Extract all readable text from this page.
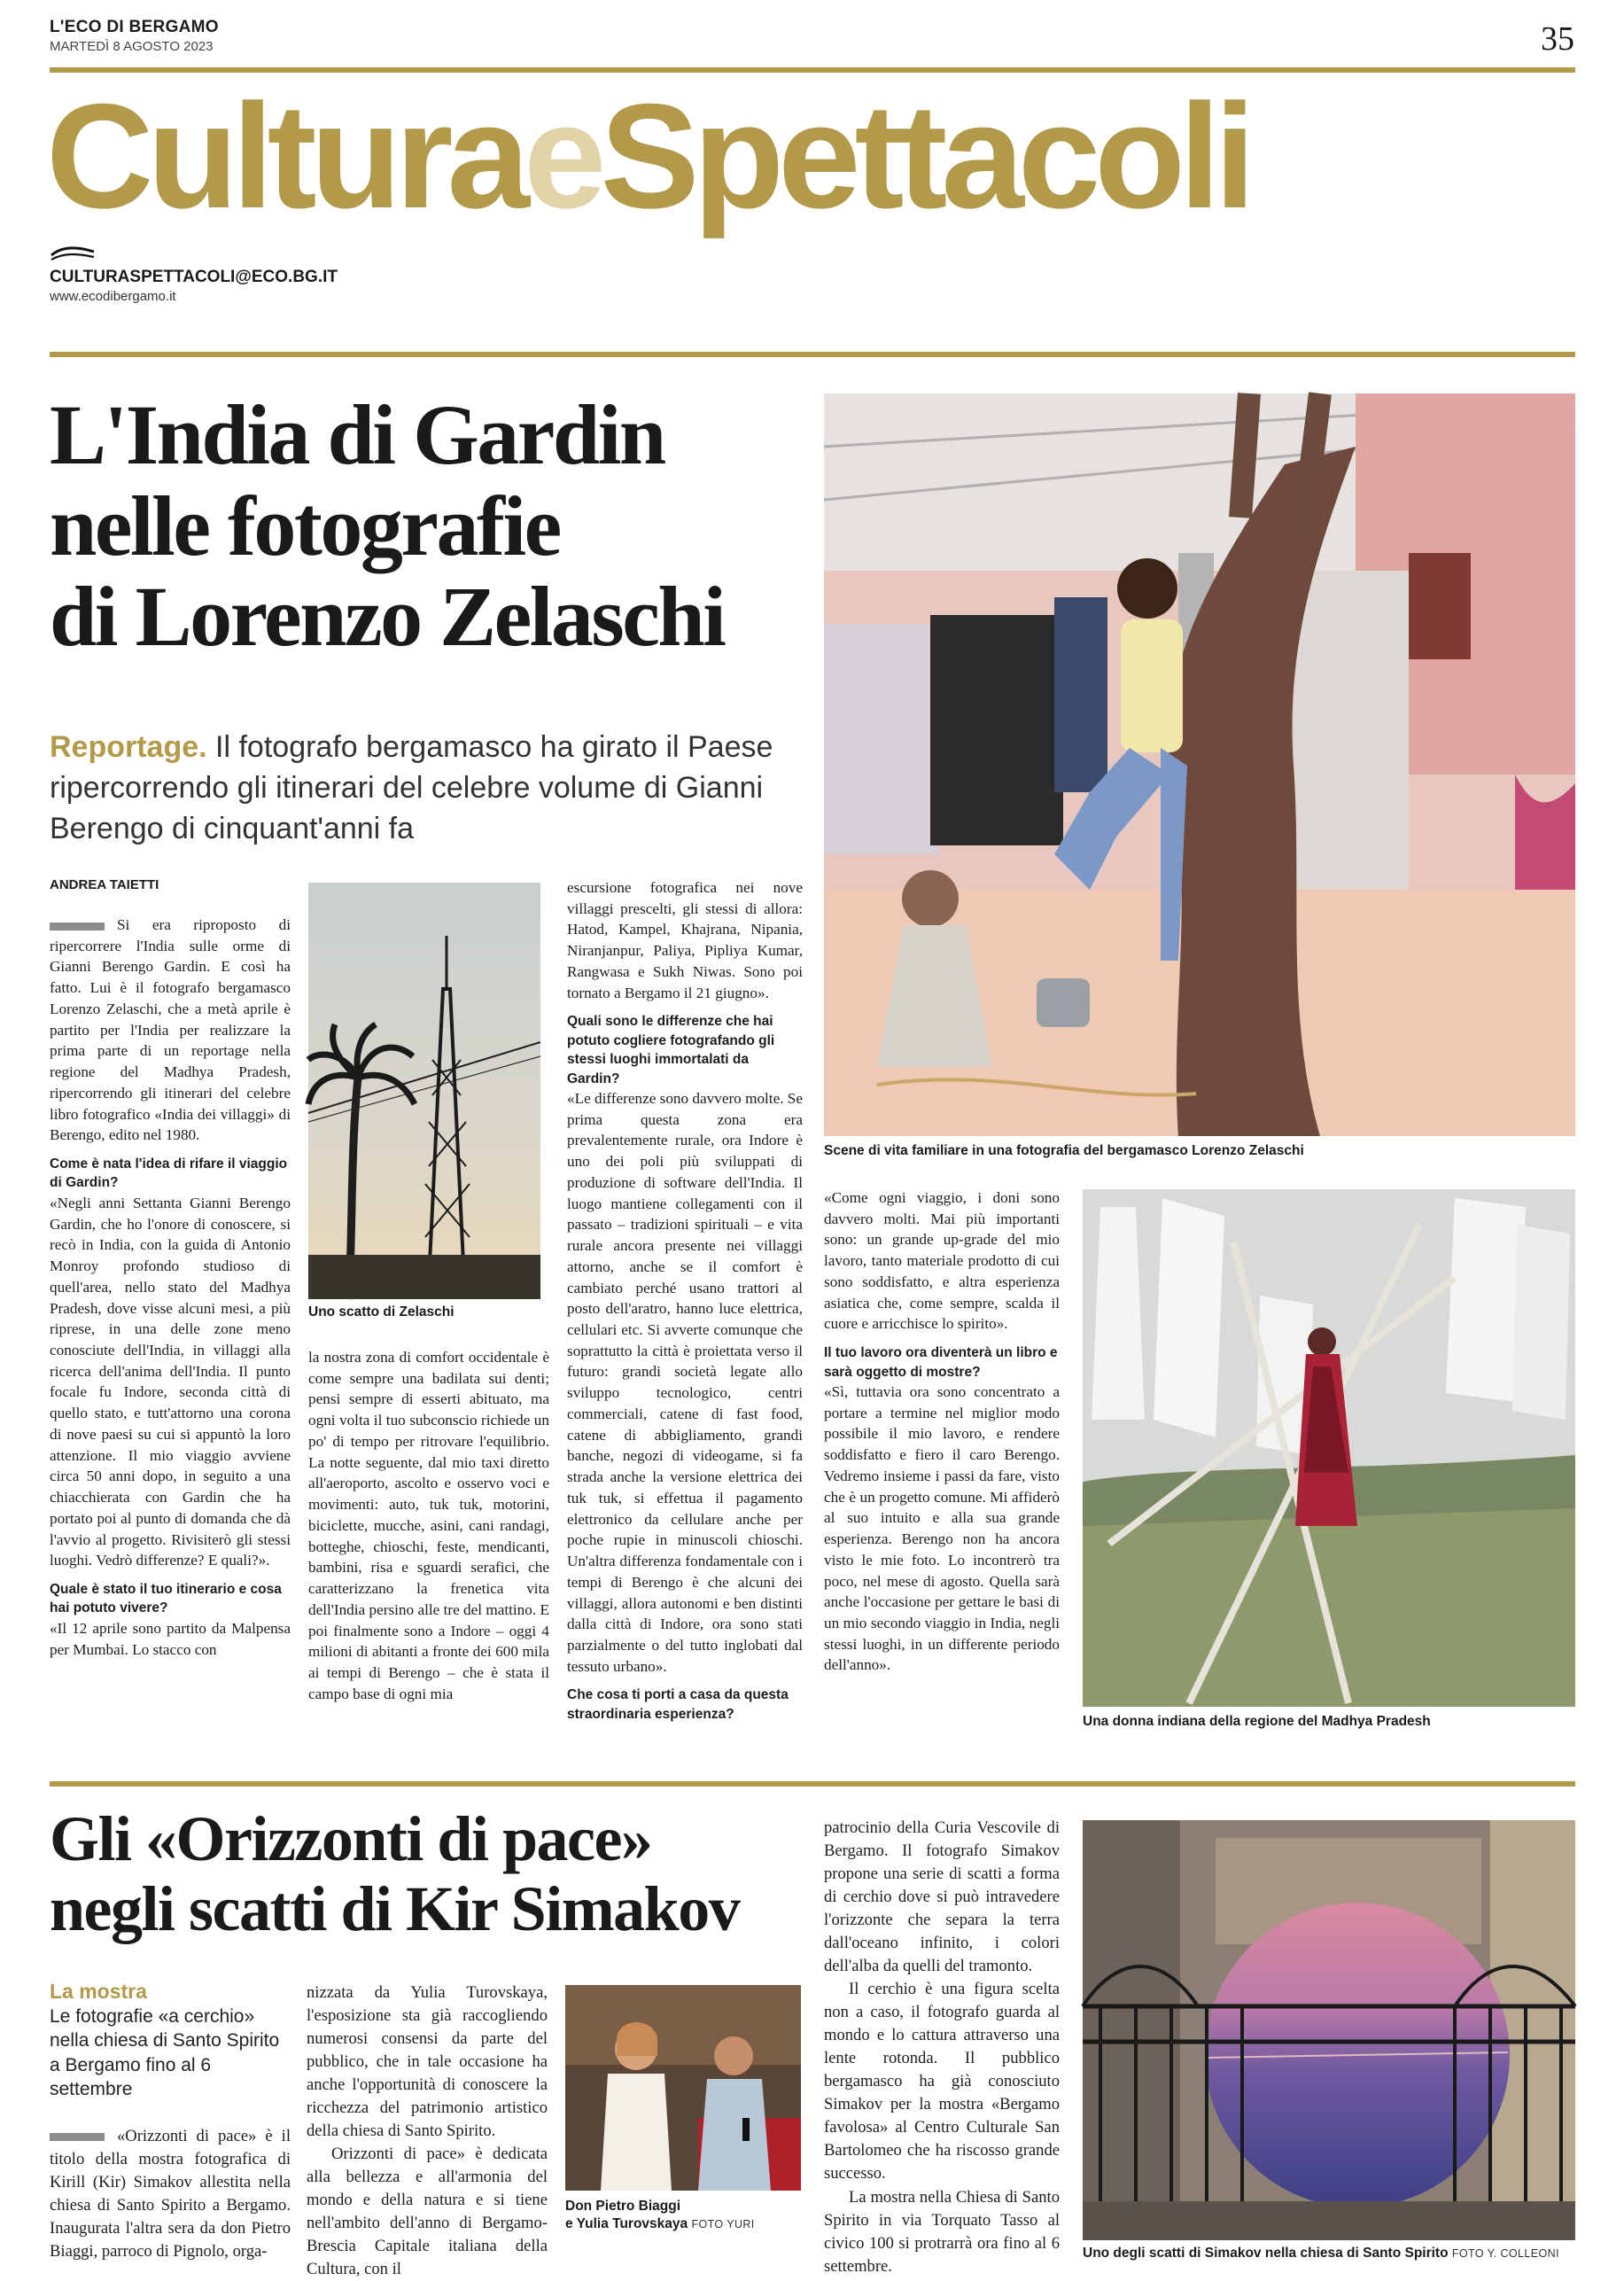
L'ECO DI BERGAMO
MARTEDÌ 8 AGOSTO 2023	35
CulturaeSpettacoli
CULTURASPETTACOLI@ECO.BG.IT
www.ecodibergamo.it
L'India di Gardin
nelle fotografie
di Lorenzo Zelaschi
Reportage. Il fotografo bergamasco ha girato il Paese ripercorrendo gli itinerari del celebre volume di Gianni Berengo di cinquant'anni fa
ANDREA TAIETTI

Si era riproposto di ripercorrere l'India sulle orme di Gianni Berengo Gardin. E così ha fatto. Lui è il fotografo bergamasco Lorenzo Zelaschi, che a metà aprile è partito per l'India per realizzare la prima parte di un reportage nella regione del Madhya Pradesh, ripercorrendo gli itinerari del celebre libro fotografico «India dei villaggi» di Berengo, edito nel 1980.

Come è nata l'idea di rifare il viaggio di Gardin?

«Negli anni Settanta Gianni Berengo Gardin, che ho l'onore di conoscere, si recò in India, con la guida di Antonio Monroy profondo studioso di quell'area, nello stato del Madhya Pradesh, dove visse alcuni mesi, a più riprese, in una delle zone meno conosciute dell'India, in villaggi alla ricerca dell'anima dell'India. Il punto focale fu Indore, seconda città di quello stato, e tutt'attorno una corona di nove paesi su cui si appuntò la loro attenzione. Il mio viaggio avviene circa 50 anni dopo, in seguito a una chiacchierata con Gardin che ha portato poi al punto di domanda che dà l'avvio al progetto. Rivisiterò gli stessi luoghi. Vedrò differenze? E quali?».

Quale è stato il tuo itinerario e cosa hai potuto vivere?

«Il 12 aprile sono partito da Malpensa per Mumbai. Lo stacco con

Uno scatto di Zelaschi

la nostra zona di comfort occidentale è come sempre una badilata sui denti; pensi sempre di esserti abituato, ma ogni volta il tuo subconscio richiede un po' di tempo per ritrovare l'equilibrio. La notte seguente, dal mio taxi diretto all'aeroporto, ascolto e osservo voci e movimenti: auto, tuk tuk, motorini, biciclette, mucche, asini, cani randagi, botteghe, chioschi, feste, mendicanti, bambini, risa e sguardi serafici, che caratterizzano la frenetica vita dell'India persino alle tre del mattino. E poi finalmente sono a Indore – oggi 4 milioni di abitanti a fronte dei 600 mila ai tempi di Berengo – che è stata il campo base di ogni mia

escursione fotografica nei nove villaggi prescelti, gli stessi di allora: Hatod, Kampel, Khajrana, Nipania, Niranjanpur, Paliya, Pipliya Kumar, Rangwasa e Sukh Niwas. Sono poi tornato a Bergamo il 21 giugno».

Quali sono le differenze che hai potuto cogliere fotografando gli stessi luoghi immortalati da Gardin?

«Le differenze sono davvero molte. Se prima questa zona era prevalentemente rurale, ora Indore è uno dei poli più sviluppati di produzione di software dell'India. Il luogo mantiene collegamenti con il passato – tradizioni spirituali – e vita rurale ancora presente nei villaggi attorno, anche se il comfort è cambiato perché usano trattori al posto dell'aratro, hanno luce elettrica, cellulari etc. Si avverte comunque che soprattutto la città è proiettata verso il futuro: grandi società legate allo sviluppo tecnologico, centri commerciali, catene di fast food, catene di abbigliamento, grandi banche, negozi di videogame, si fa strada anche la versione elettrica dei tuk tuk, si effettua il pagamento elettronico da cellulare anche per poche rupie in minuscoli chioschi. Un'altra differenza fondamentale con i tempi di Berengo è che alcuni dei villaggi, allora autonomi e ben distinti dalla città di Indore, ora sono stati parzialmente o del tutto inglobati dal tessuto urbano».

Che cosa ti porti a casa da questa straordinaria esperienza?

Scene di vita familiare in una fotografia del bergamasco Lorenzo Zelaschi

«Come ogni viaggio, i doni sono davvero molti. Mai più importanti sono: un grande up-grade del mio lavoro, tanto materiale prodotto di cui sono soddisfatto, e altra esperienza asiatica che, come sempre, scalda il cuore e arricchisce lo spirito».

Il tuo lavoro ora diventerà un libro e sarà oggetto di mostre?

«Sì, tuttavia ora sono concentrato a portare a termine nel miglior modo possibile il mio lavoro, e rendere soddisfatto e fiero il caro Berengo. Vedremo insieme i passi da fare, visto che è un progetto comune. Mi affiderò al suo intuito e alla sua grande esperienza. Berengo non ha ancora visto le mie foto. Lo incontrerò tra poco, nel mese di agosto. Quella sarà anche l'occasione per gettare le basi di un mio secondo viaggio in India, negli stessi luoghi, in un differente periodo dell'anno».

Una donna indiana della regione del Madhya Pradesh
Gli «Orizzonti di pace»
negli scatti di Kir Simakov
La mostra
Le fotografie «a cerchio» nella chiesa di Santo Spirito a Bergamo fino al 6 settembre

«Orizzonti di pace» è il titolo della mostra fotografica di Kirill (Kir) Simakov allestita nella chiesa di Santo Spirito a Bergamo. Inaugurata l'altra sera da don Pietro Biaggi, parroco di Pignolo, orga-

nizzata da Yulia Turovskaya, l'esposizione sta già raccogliendo numerosi consensi da parte del pubblico, che in tale occasione ha anche l'opportunità di conoscere la ricchezza del patrimonio artistico della chiesa di Santo Spirito.

Orizzonti di pace» è dedicata alla bellezza e all'armonia del mondo e della natura e si tiene nell'ambito dell'anno di Bergamo-Brescia Capitale italiana della Cultura, con il

Don Pietro Biaggi
e Yulia Turovskaya FOTO YURI

patrocinio della Curia Vescovile di Bergamo. Il fotografo Simakov propone una serie di scatti a forma di cerchio dove si può intravedere l'orizzonte che separa la terra dall'oceano infinito, i colori dell'alba da quelli del tramonto.

Il cerchio è una figura scelta non a caso, il fotografo guarda al mondo e lo cattura attraverso una lente rotonda. Il pubblico bergamasco ha già conosciuto Simakov per la mostra «Bergamo favolosa» al Centro Culturale San Bartolomeo che ha riscosso grande successo.

La mostra nella Chiesa di Santo Spirito in via Torquato Tasso al civico 100 si protrarrà ora fino al 6 settembre.

Uno degli scatti di Simakov nella chiesa di Santo Spirito FOTO Y. COLLEONI
